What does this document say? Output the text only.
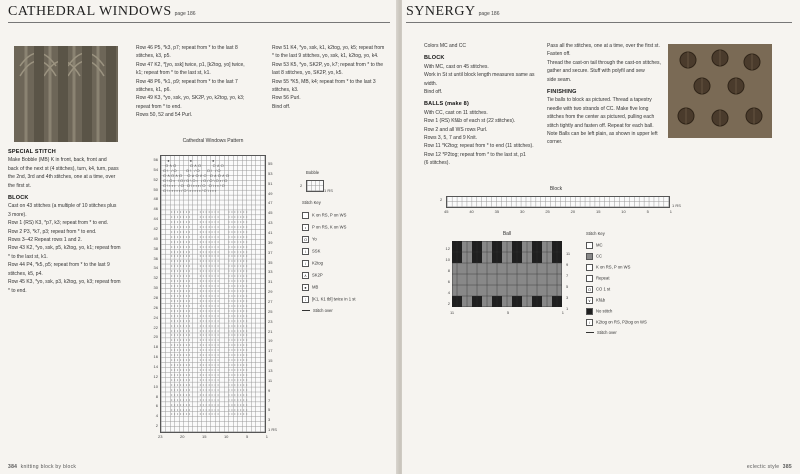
CATHEDRAL WINDOWS page 186
SPECIAL STITCH
Make Bobble (MB) K in front, back, front and
back of the next st (4 stitches), turn, k4, turn, pass
the 2nd, 3rd and 4th stitches, one at a time, over
the first st.
BLOCK
Cast on 43 stitches (a multiple of 10 stitches plus
3 more).
Row 1 (RS) K3, *p7, k3; repeat from * to end.
Row 2 P3, *k7, p3; repeat from * to end.
Rows 3–42 Repeat rows 1 and 2.
Row 43 K2, *yo, ssk, p5, k2tog, yo, k1; repeat from
* to the last st, k1.
Row 44 P4, *k5, p5; repeat from * to the last 9
stitches, k5, p4.
Row 45 K3, *yo, ssk, p3, k2tog, yo, k3; repeat from
* to end.
Row 46 P5, *k3, p7; repeat from * to the last 8
stitches, k3, p5.
Row 47 K2, *[yo, ssk] twice, p1, [k2tog, yo] twice,
k1; repeat from * to the last st, k1.
Row 48 P6, *k1, p9; repeat from * to the last 7
stitches, k1, p6.
Row 49 K3, *yo, ssk, yo, SK2P, yo, k2tog, yo, k3;
repeat from * to end.
Rows 50, 52 and 54 Purl.
Row 51 K4, *yo, ssk, k1, k2tog, yo, k5; repeat from
* to the last 9 stitches, yo, ssk, k1, k2tog, yo, k4.
Row 53 K5, *yo, SK2P, yo, k7; repeat from * to the
last 8 stitches, yo, SK2P, yo, k5.
Row 55 *K5, MB, k4; repeat from * to the last 3
stitches, k3.
Row 56 Purl.
Bind off.
Cathedral Windows Pattern
●         ●         ●
O∧O      O∧O     O∧O
O\ /O    O\ /O   O\ /O
O∧O∧O  O∧O∧O O∧O∧O
O\O• /O/O\O• /O/O\O•/O
O\••• /O O\•••/O O\••/O
O\•••••/O\•••••/O\•••
•••••••   •••••••   •••••••
•••••••   •••••••   •••••••
•••••••   •••••••   •••••••
•••••••   •••••••   •••••••
•••••••   •••••••   •••••••
•••••••   •••••••   •••••••
•••••••   •••••••   •••••••
•••••••   •••••••   •••••••
•••••••   •••••••   •••••••
•••••••   •••••••   •••••••
•••••••   •••••••   •••••••
•••••••   •••••••   •••••••
•••••••   •••••••   •••••••
•••••••   •••••••   •••••••
•••••••   •••••••   •••••••
•••••••   •••••••   •••••••
•••••••   •••••••   •••••••
•••••••   •••••••   •••••••
•••••••   •••••••   •••••••
•••••••   •••••••   •••••••
•••••••   •••••••   •••••••
•••••••   •••••••   •••••••
•••••••   •••••••   •••••••
•••••••   •••••••   •••••••
•••••••   •••••••   •••••••
•••••••   •••••••   •••••••
•••••••   •••••••   •••••••
•••••••   •••••••   •••••••
•••••••   •••••••   •••••••
•••••••   •••••••   •••••••
•••••••   •••••••   •••••••
•••••••   •••••••   •••••••
•••••••   •••••••   •••••••
•••••••   •••••••   •••••••
•••••••   •••••••   •••••••
•••••••   •••••••   •••••••
•••••••   •••••••   •••••••
•••••••   •••••••   •••••••
•••••••   •••••••   •••••••
•••••••   •••••••   •••••••
•••••••   •••••••   •••••••
•••••••   •••••••   •••••••
56
54
52
50
48
46
44
42
40
38
36
34
32
30
28
26
24
22
20
18
16
14
12
10
8
6
4
2
55
53
51
49
47
45
43
41
39
37
35
33
31
29
27
25
23
21
19
17
15
13
11
9
7
5
3
1 RS
23	20	15	10	5	1
Bobble
2
1 RS
Stitch Key
K on RS, P on WS
• P on RS, K on WS
O Yo
\ SSK
/ K2tog
∧ SK2P
● MB
⁞ [K1, K1 tbl] twice in 1 st
Stitch over
384 knitting block by block
SYNERGY page 186
Colors MC and CC
BLOCK
With MC, cast on 45 stitches.
Work in St st until block length measures same as
width.
Bind off.
BALLS (make 8)
With CC, cast on 11 stitches.
Row 1 (RS) Kf&b of each st (22 stitches).
Row 2 and all WS rows Purl.
Rows 3, 5, 7 and 9 Knit.
Row 11 *K2tog; repeat from * to end (11 stitches).
Row 12 *P2tog; repeat from * to the last st, p1
(6 stitches).
Pass all the stitches, one at a time, over the first st.
Fasten off.
Thread the cast-on tail through the cast-on stitches,
gather and secure. Stuff with polyfil and sew
side seam.
FINISHING
Tie balls to block as pictured. Thread a tapestry
needle with two strands of CC. Make five long
stitches from the center as pictured, pulling each
stitch tightly and fasten off. Repeat for each ball.
Note Balls can be left plain, as shown in upper left
corner.
Block
2
1 RS
45	40	35	30	25	20	15	10	5	1
Ball
12
10
8
6
4
2
11
9
7
5
3
1
11	5	1
Stitch Key
MC
■ CC
K on RS, P on WS
Repeat
O CO 1 st
∨ Kf&b
■ No stitch
/ K2tog on RS, P2tog on WS
Stitch over
eclectic style 385
